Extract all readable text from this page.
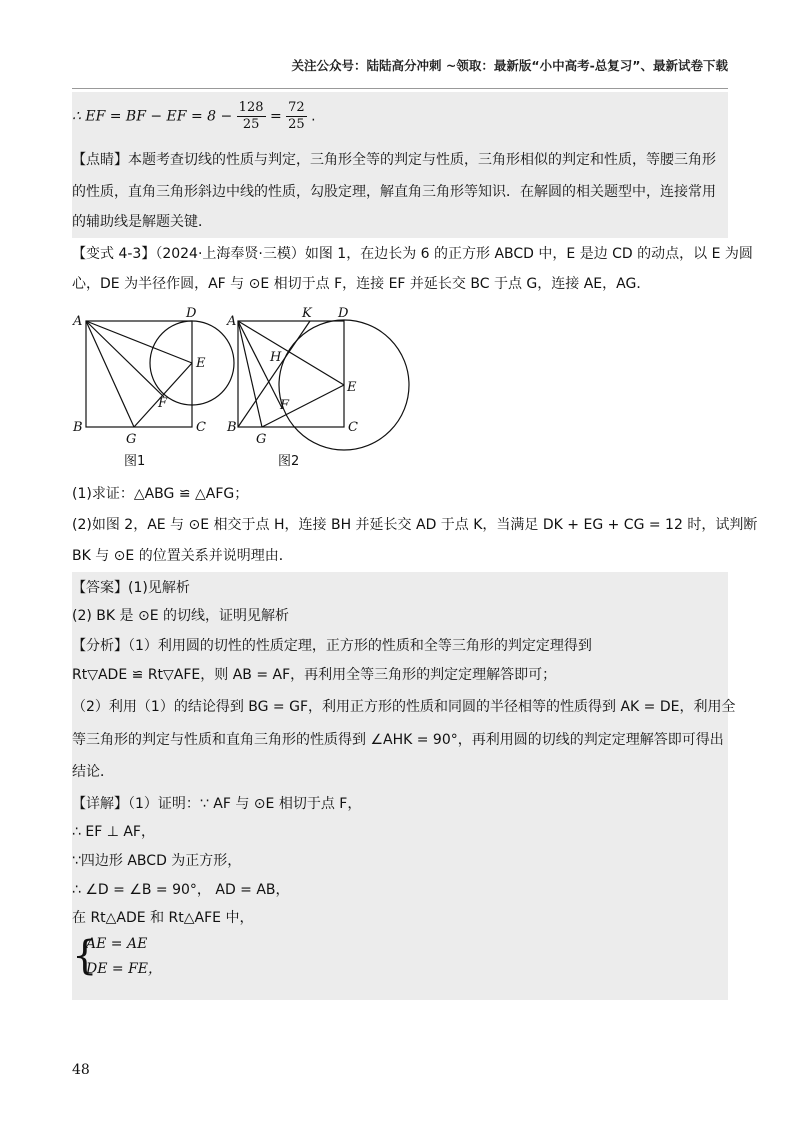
关注公众号：陆陆高分冲刺 ~领取：最新版“小中高考-总复习”、最新试卷下载
∴ EF = BF − EF = $8 - \frac{128}{25} = \frac{72}{25}$ .
【点睛】本题考查切线的性质与判定，三角形全等的判定与性质，三角形相似的判定和性质，等腰三角形
的性质，直角三角形斜边中线的性质，勾股定理，解直角三角形等知识．在解圆的相关题型中，连接常用
的辅助线是解题关键．
【变式 4-3】（2024·上海奉贤·三模）如图 1，在边长为 6 的正方形 ABCD 中，E 是边 CD 的动点，以 E 为圆
心，DE 为半径作圆，AF 与 ⊙E 相切于点 F，连接 EF 并延长交 BC 于点 G，连接 AE，AG．
A
D
E
F
B
G
C
A
K D
H
E
F
B
G
C
图1	图2
(1)求证：△ABG ≌ △AFG；
(2)如图 2，AE 与 ⊙E 相交于点 H，连接 BH 并延长交 AD 于点 K，当满足 DK + EG + CG = 12 时，试判断
BK 与 ⊙E 的位置关系并说明理由．
【答案】(1)见解析
(2) BK 是 ⊙E 的切线，证明见解析
【分析】（1）利用圆的切性的性质定理，正方形的性质和全等三角形的判定定理得到
Rt▽ADE ≌ Rt▽AFE，则 AB = AF，再利用全等三角形的判定定理解答即可；
（2）利用（1）的结论得到 BG = GF，利用正方形的性质和同圆的半径相等的性质得到 AK = DE，利用全
等三角形的判定与性质和直角三角形的性质得到 ∠AHK = 90°，再利用圆的切线的判定定理解答即可得出
结论．
【详解】（1）证明：∵ AF 与 ⊙E 相切于点 F，
∴ EF ⊥ AF，
∵四边形 ABCD 为正方形，
∴ ∠D = ∠B = 90°， AD = AB，
在 Rt△ADE 和 Rt△AFE 中，
{
AE = AE
DE = FE，
48
